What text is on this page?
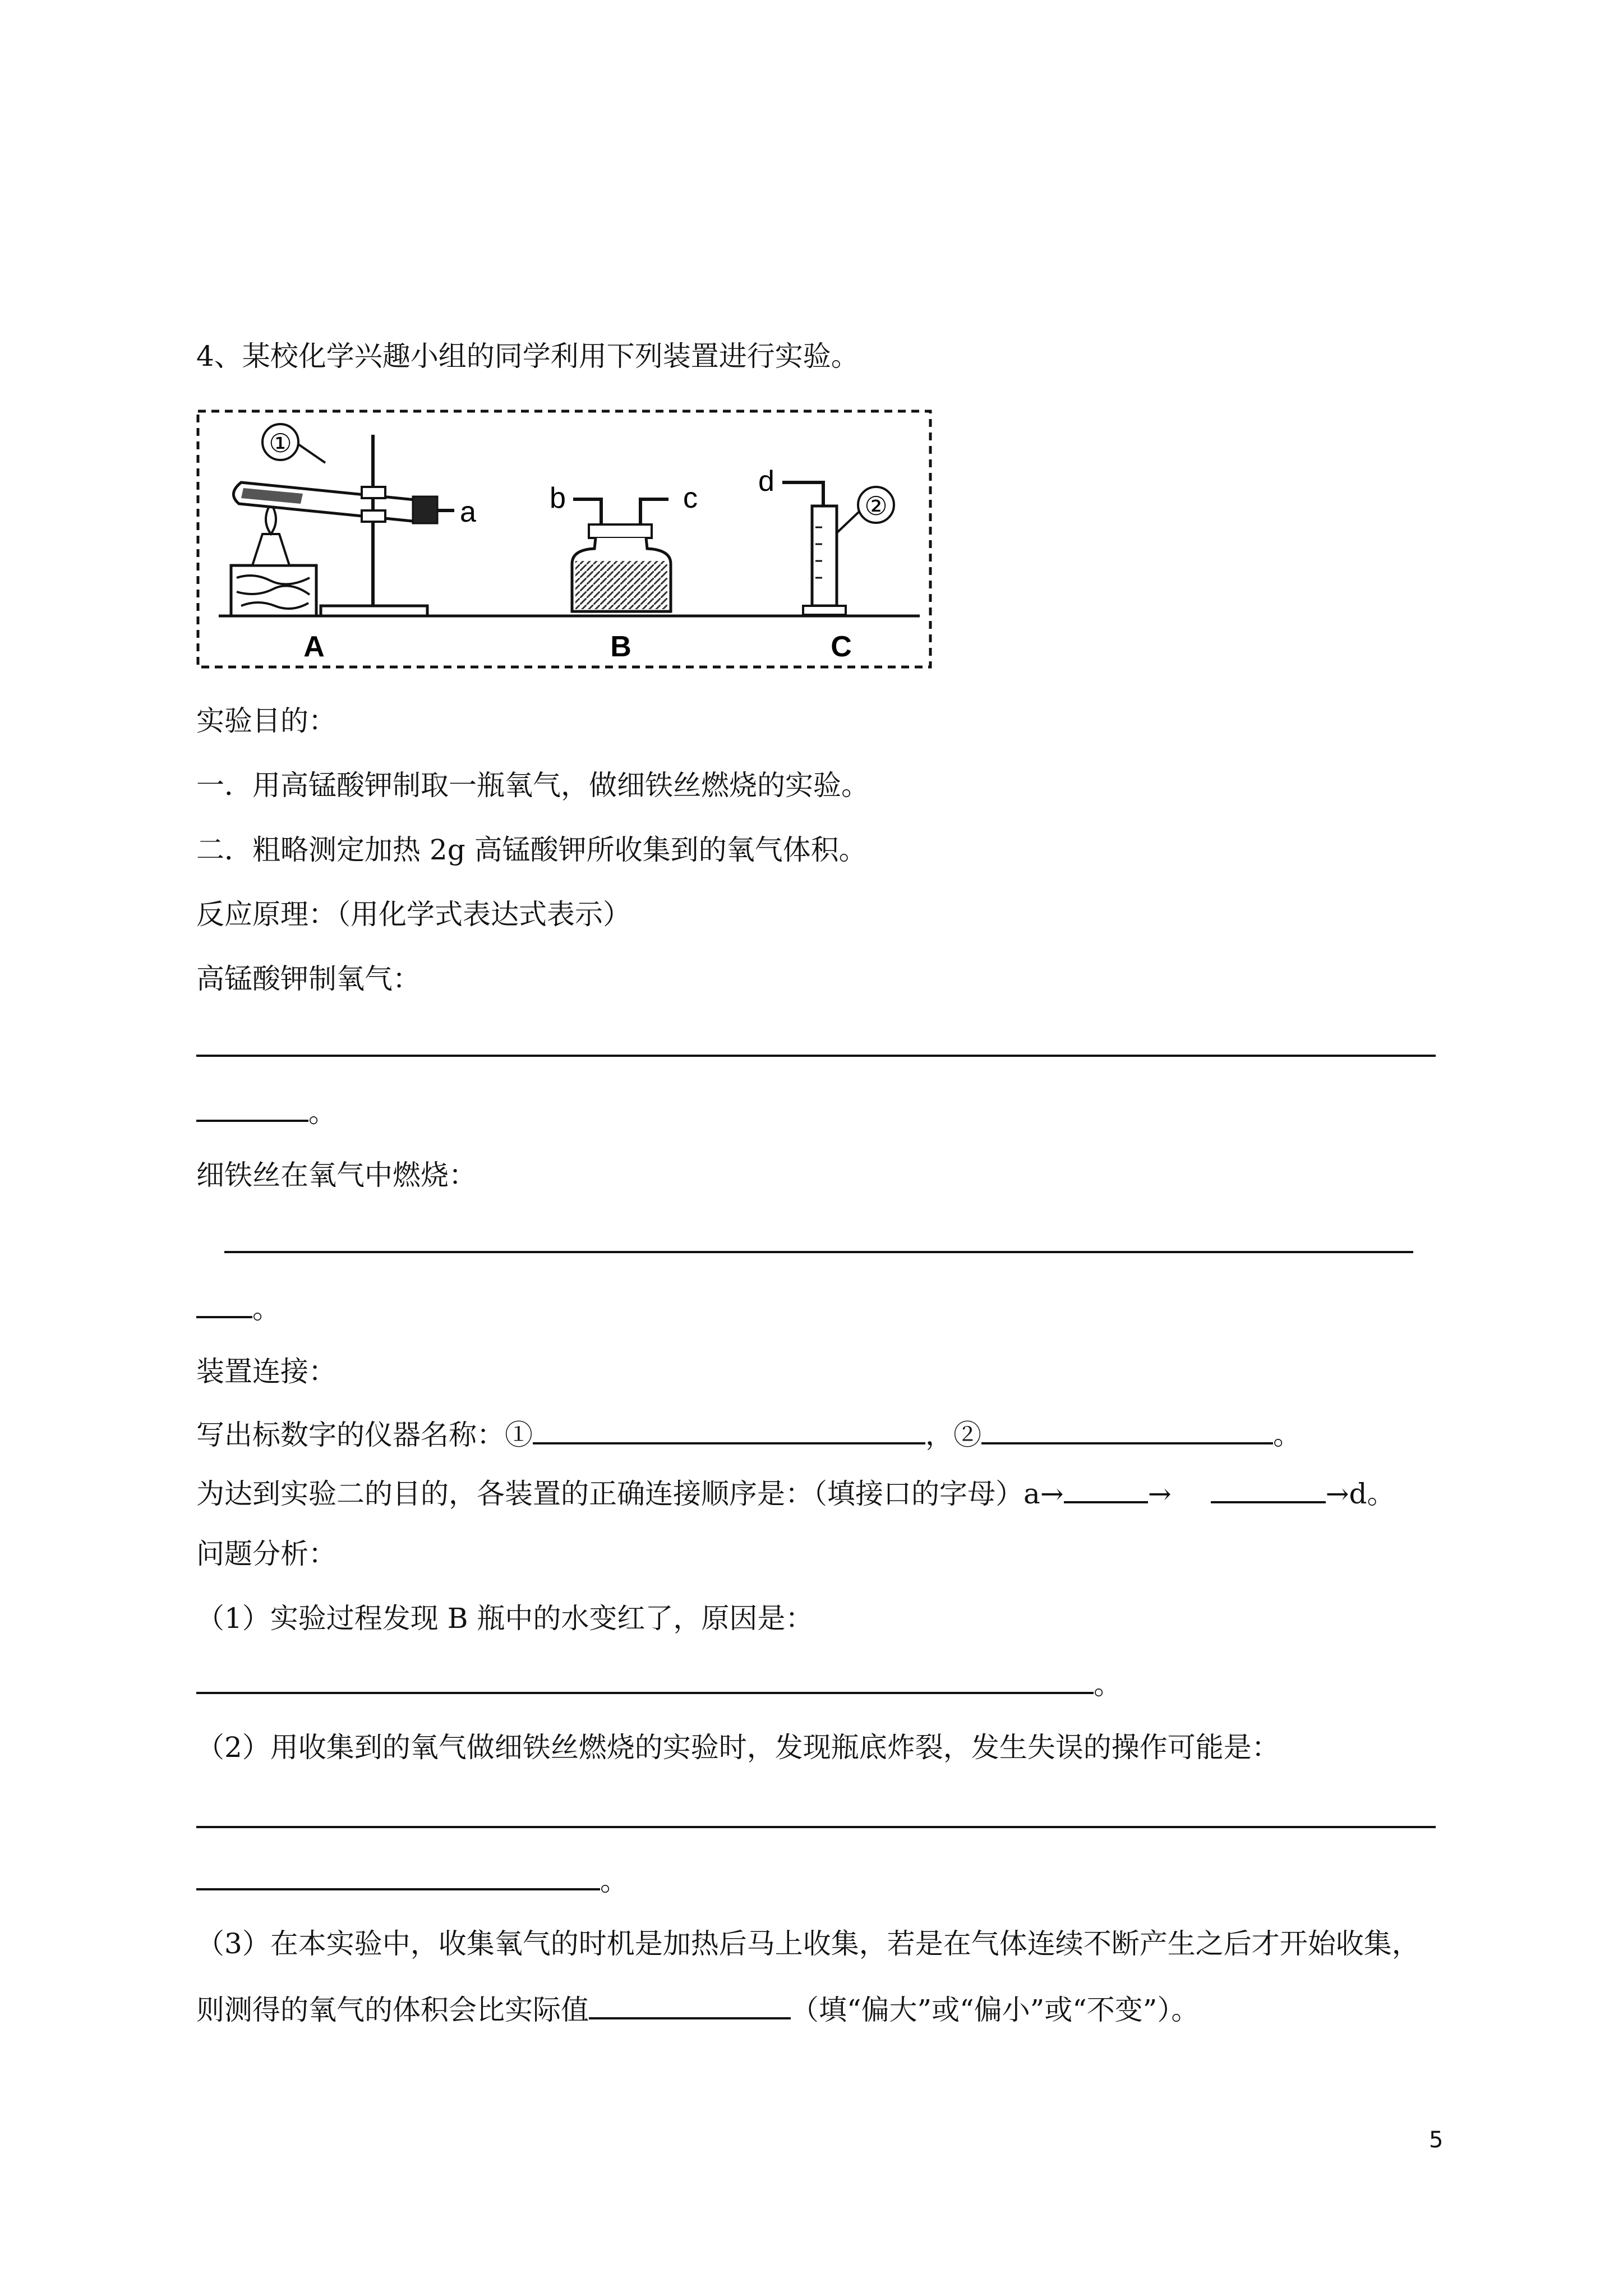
4、某校化学兴趣小组的同学利用下列装置进行实验。
a
①
A
b	c
B
d
②
C
实验目的：
一．用高锰酸钾制取一瓶氧气，做细铁丝燃烧的实验。
二．粗略测定加热 2g 高锰酸钾所收集到的氧气体积。
反应原理：（用化学式表达式表示）
高锰酸钾制氧气：
。
细铁丝在氧气中燃烧：
。
装置连接：
写出标数字的仪器名称：①	，②	。
为达到实验二的目的，各装置的正确连接顺序是：（填接口的字母）a→	→	→d。
问题分析：
（1）实验过程发现 B 瓶中的水变红了，原因是：
。
（2）用收集到的氧气做细铁丝燃烧的实验时，发现瓶底炸裂，发生失误的操作可能是：
。
（3）在本实验中，收集氧气的时机是加热后马上收集，若是在气体连续不断产生之后才开始收集，
则测得的氧气的体积会比实际值	（填“偏大”或“偏小”或“不变”）。
5
